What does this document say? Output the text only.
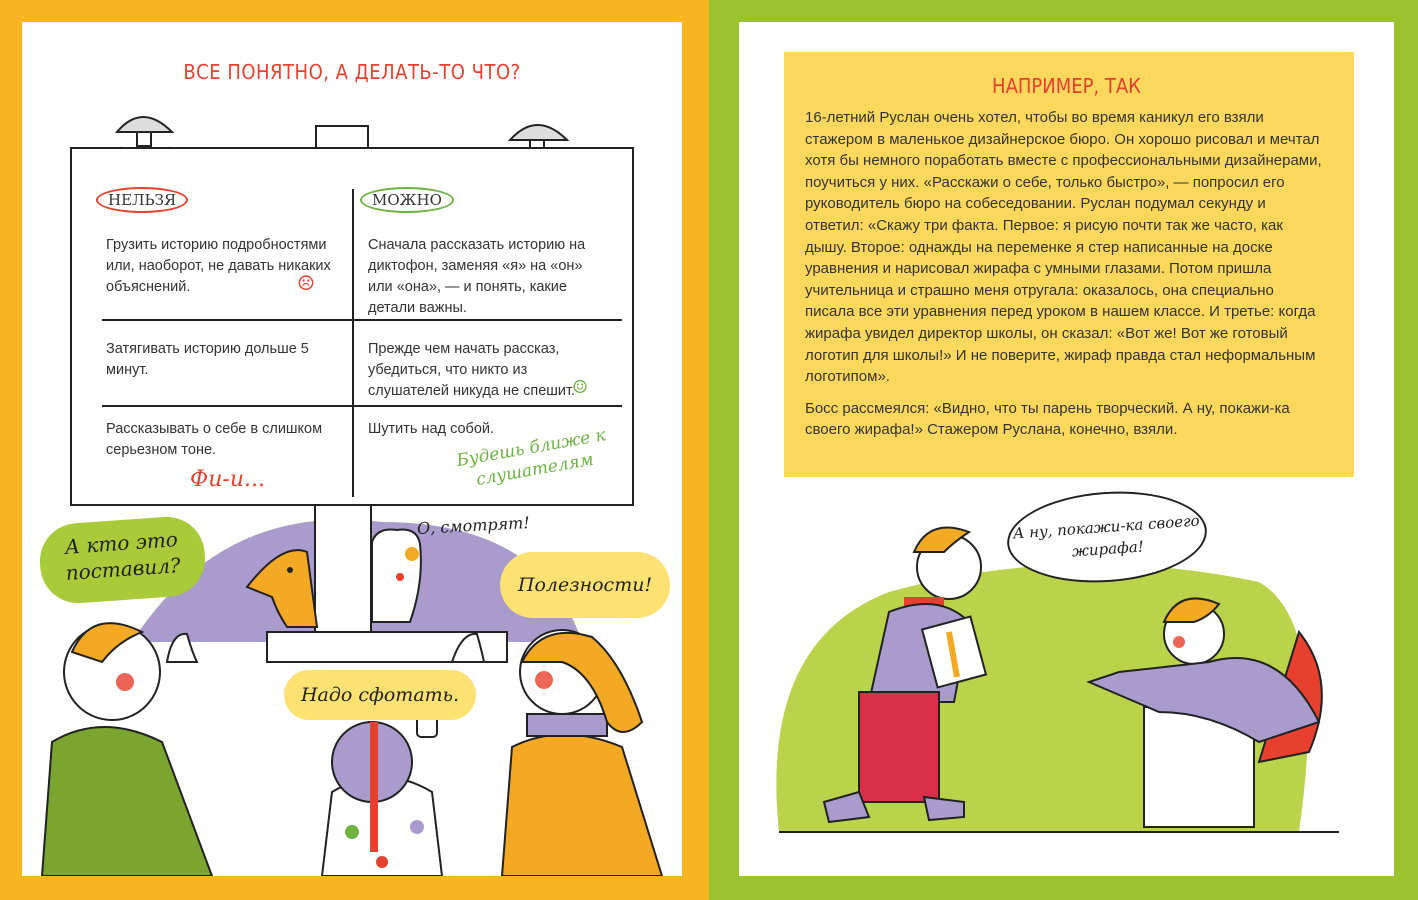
ВСЕ ПОНЯТНО, А ДЕЛАТЬ-ТО ЧТО?
НЕЛЬЗЯ	МОЖНО
Грузить историю подробностями или, наоборот, не давать никаких объяснений.
Сначала рассказать историю на диктофон, заменяя «я» на «он» или «она», — и понять, какие детали важны.
Затягивать историю дольше 5 минут.
Прежде чем начать рассказ, убедиться, что никто из слушателей никуда не спешит.
Рассказывать о себе в слишком серьезном тоне.
Шутить над собой.
☹
☺
Фи-и...
Будешь ближе к слушателям
А кто это поставил?
О, смотрят!
Полезности!
Надо сфотать.
НАПРИМЕР, ТАК

16-летний Руслан очень хотел, чтобы во время каникул его взяли стажером в маленькое дизайнерское бюро. Он хорошо рисовал и мечтал хотя бы немного поработать вместе с профессиональными дизайнерами, поучиться у них. «Расскажи о себе, только быстро», — попросил его руководитель бюро на собеседовании. Руслан подумал секунду и ответил: «Скажу три факта. Первое: я рисую почти так же часто, как дышу. Второе: однажды на переменке я стер написанные на доске уравнения и нарисовал жирафа с умными глазами. Потом пришла учительница и страшно меня отругала: оказалось, она специально писала все эти уравнения перед уроком в нашем классе. И третье: когда жирафа увидел директор школы, он сказал: «Вот же! Вот же готовый логотип для школы!» И не поверите, жираф правда стал неформальным логотипом».

Босс рассмеялся: «Видно, что ты парень творческий. А ну, покажи-ка своего жирафа!» Стажером Руслана, конечно, взяли.

А ну, покажи-ка своего жирафа!
